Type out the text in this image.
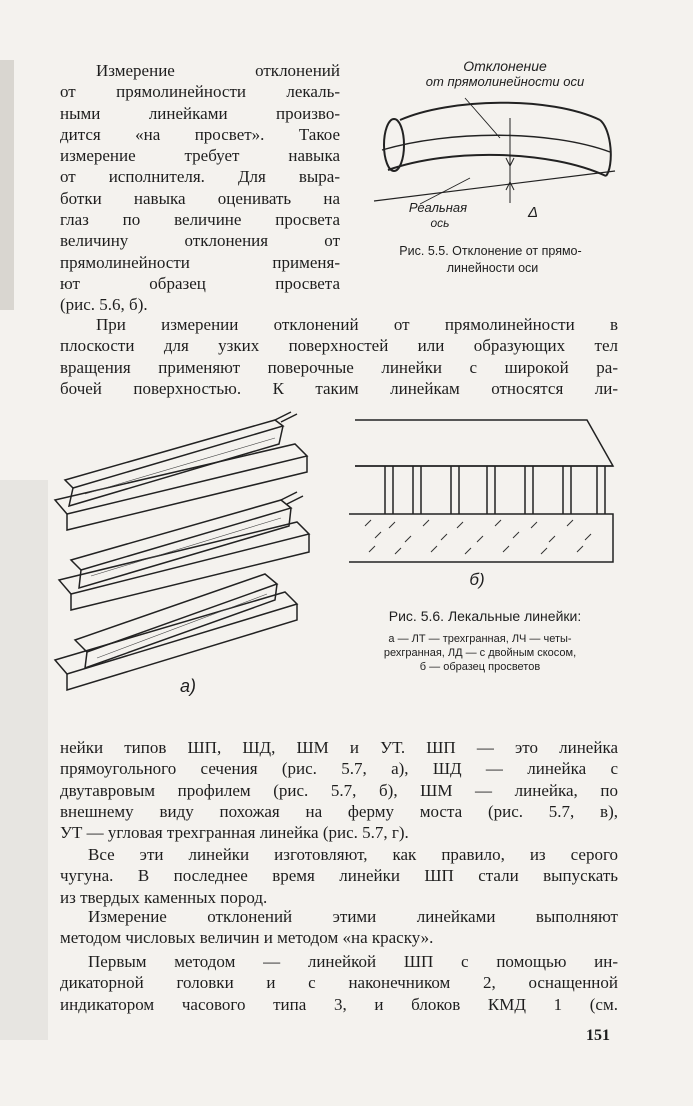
Измерение отклонений
от прямолинейности лекаль-
ными линейками произво-
дится «на просвет». Такое
измерение требует навыка
от исполнителя. Для выра-
ботки навыка оценивать на
глаз по величине просвета
величину отклонения от
прямолинейности применя-
ют образец просвета
(рис. 5.6, б).
Отклонение
от прямолинейности оси
Реальная
ось
Δ
Рис. 5.5. Отклонение от прямо-
линейности оси
При измерении отклонений от прямолинейности в
плоскости для узких поверхностей или образующих тел
вращения применяют поверочные линейки с широкой ра-
бочей поверхностью. К таким линейкам относятся ли-
а)
б)
Рис. 5.6. Лекальные линейки:
а — ЛТ — трехгранная, ЛЧ — четы-
рехгранная, ЛД — с двойным скосом,
б — образец просветов
нейки типов ШП, ШД, ШМ и УТ. ШП — это линейка
прямоугольного сечения (рис. 5.7, а), ШД — линейка с
двутавровым профилем (рис. 5.7, б), ШМ — линейка, по
внешнему виду похожая на ферму моста (рис. 5.7, в),
УТ — угловая трехгранная линейка (рис. 5.7, г).
Все эти линейки изготовляют, как правило, из серого
чугуна. В последнее время линейки ШП стали выпускать
из твердых каменных пород.
Измерение отклонений этими линейками выполняют
методом числовых величин и методом «на краску».
Первым методом — линейкой ШП с помощью ин-
дикаторной головки и с наконечником 2, оснащенной
индикатором часового типа 3, и блоков КМД 1 (см.
151
